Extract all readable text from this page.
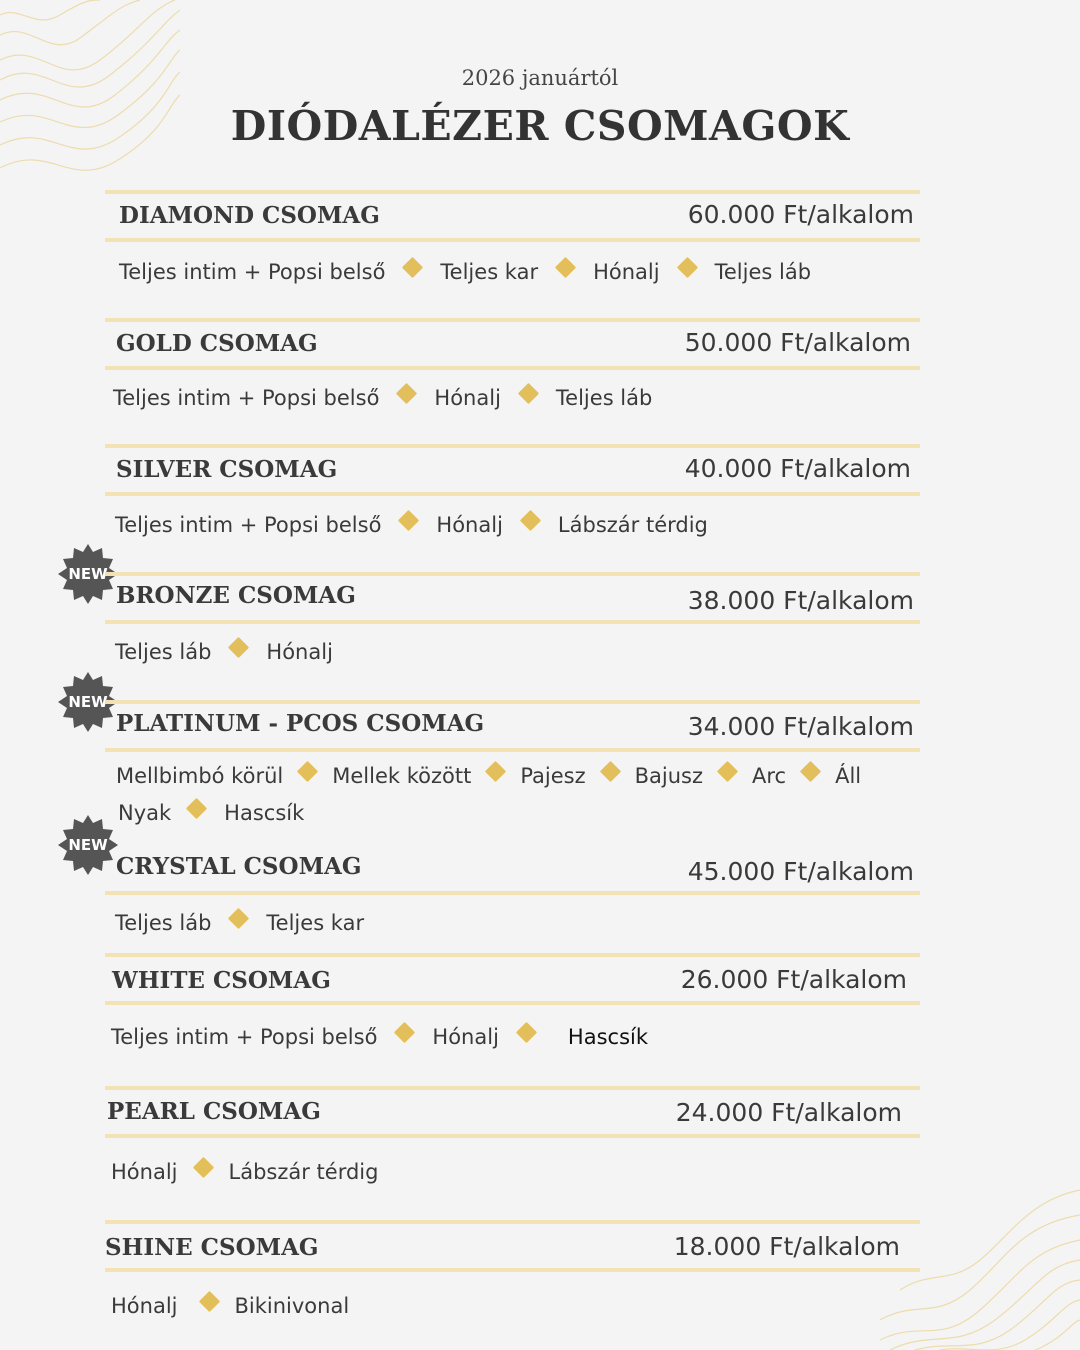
2026 januártól
DIÓDALÉZER CSOMAGOK
DIAMOND CSOMAG	60.000 Ft/alkalom
Teljes intim + Popsi belső	Teljes kar	Hónalj	Teljes láb
GOLD CSOMAG	50.000 Ft/alkalom
Teljes intim + Popsi belső	Hónalj	Teljes láb
SILVER CSOMAG	40.000 Ft/alkalom
Teljes intim + Popsi belső	Hónalj	Lábszár térdig
NEW
BRONZE CSOMAG	38.000 Ft/alkalom
Teljes láb	Hónalj
NEW
PLATINUM - PCOS CSOMAG	34.000 Ft/alkalom
Mellbimbó körül Mellek között Pajesz Bajusz Arc Áll
Nyak	Hascsík
NEW
CRYSTAL CSOMAG	45.000 Ft/alkalom
Teljes láb	Teljes kar
WHITE CSOMAG	26.000 Ft/alkalom
Teljes intim + Popsi belső	Hónalj	Hascsík
PEARL CSOMAG	24.000 Ft/alkalom
Hónalj Lábszár térdig
SHINE CSOMAG	18.000 Ft/alkalom
Hónalj	Bikinivonal
